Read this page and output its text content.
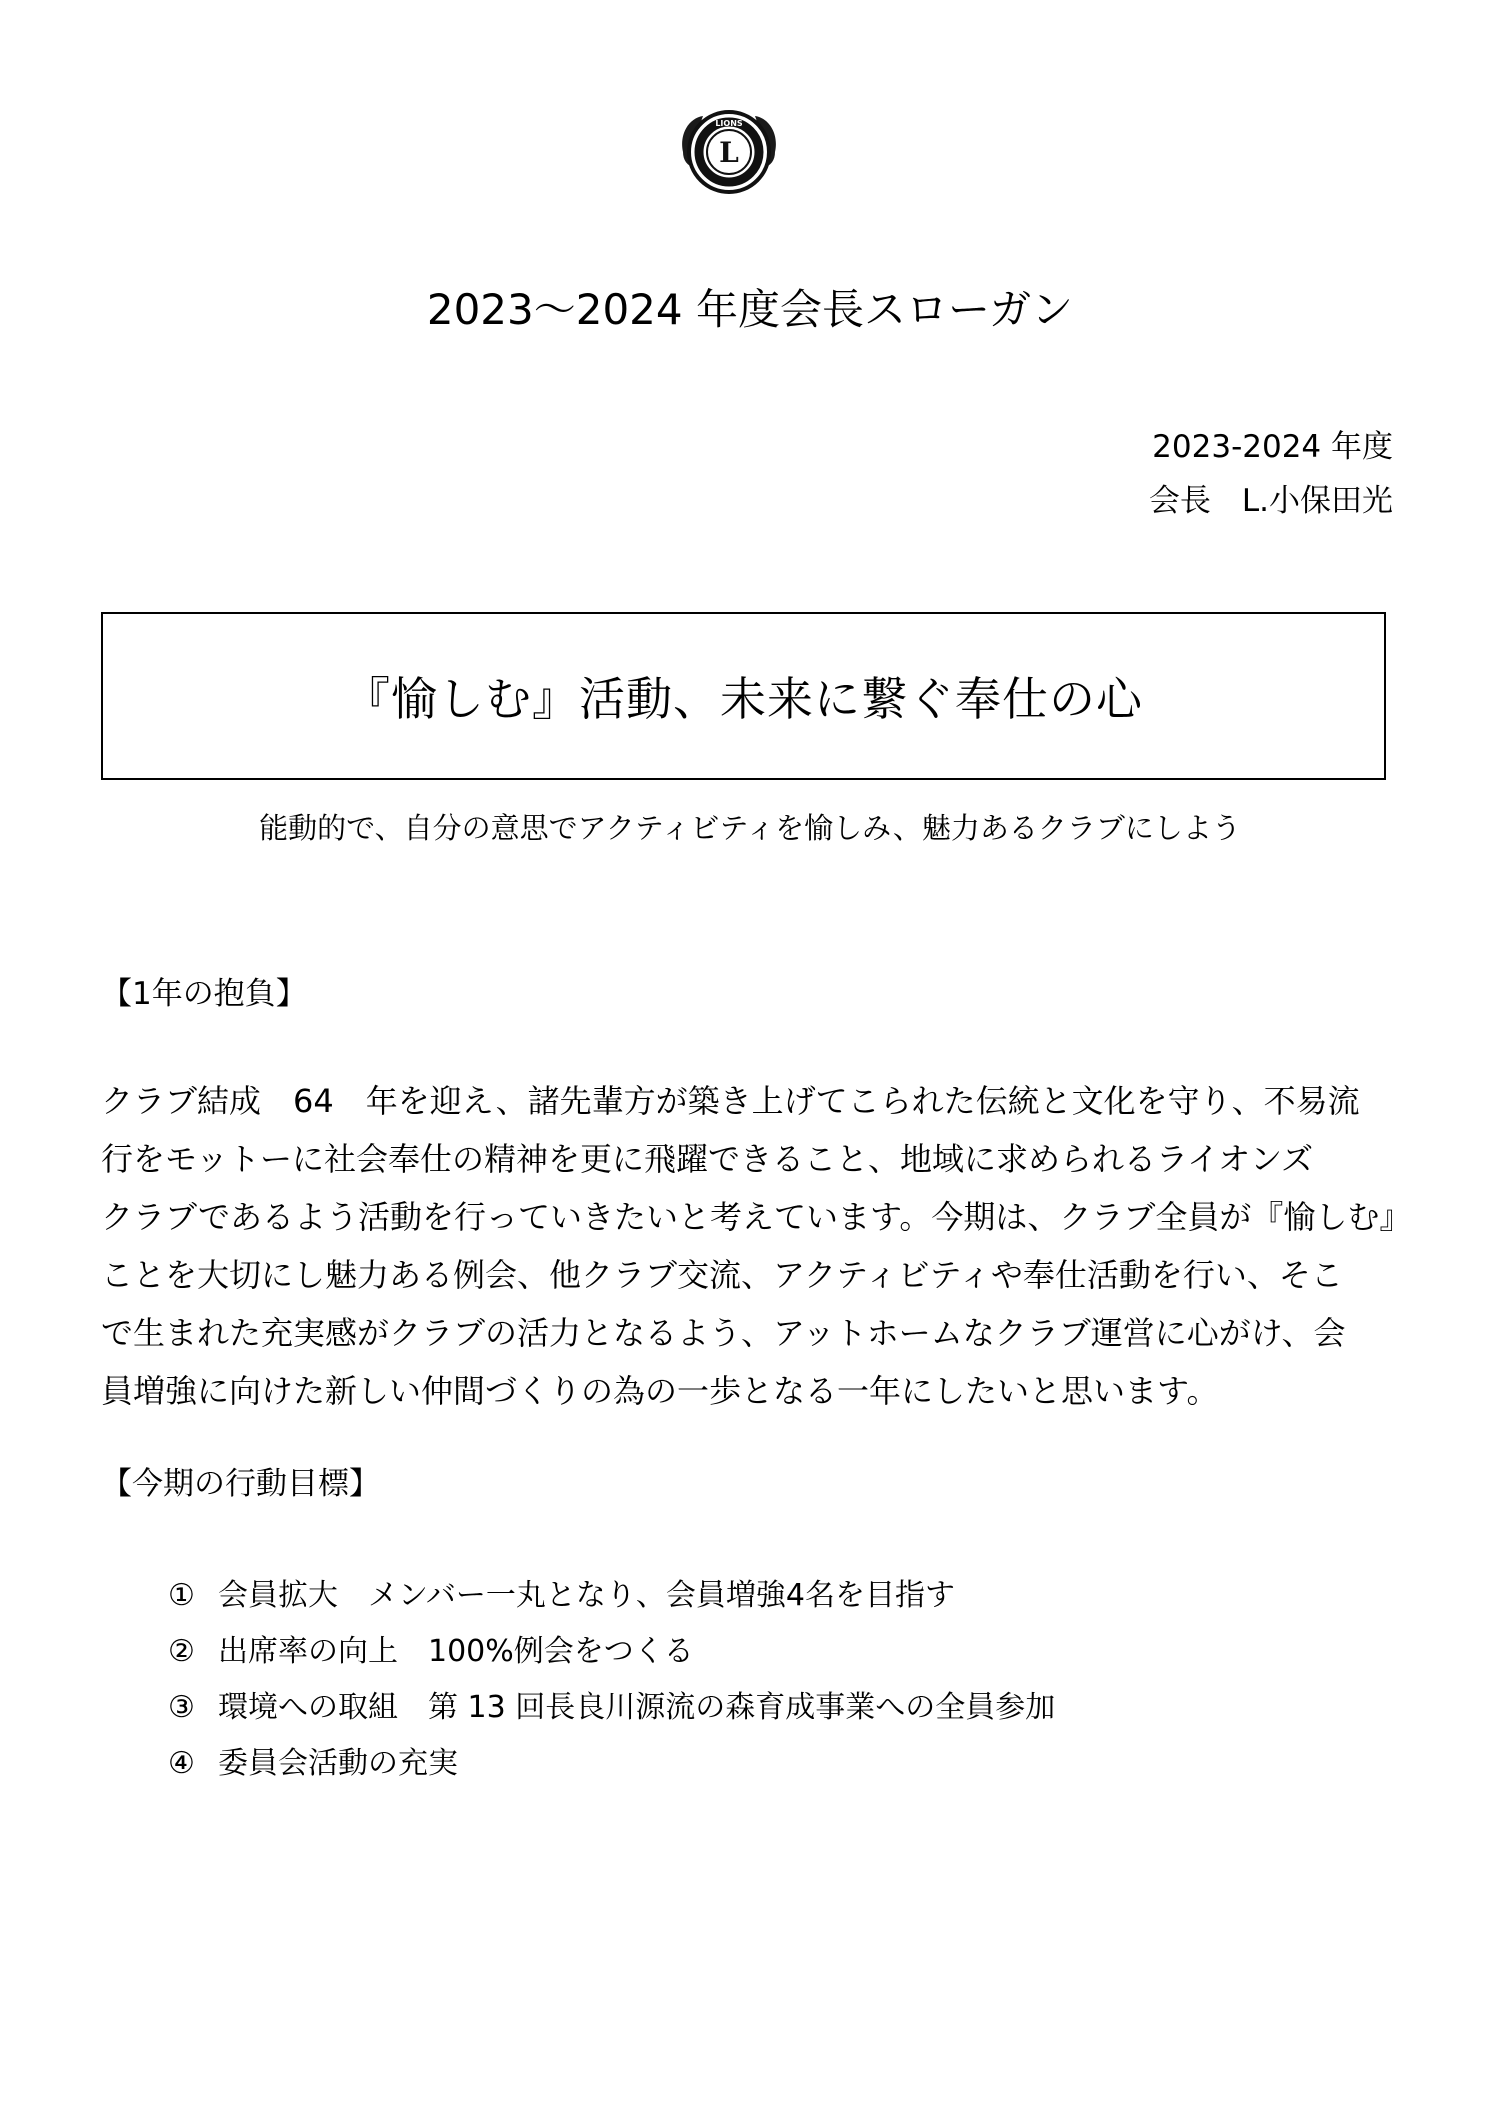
L
LIONS
2023〜2024 年度会長スローガン
2023-2024 年度
会長　L.小保田光
『愉しむ』活動、未来に繋ぐ奉仕の心
能動的で、自分の意思でアクティビティを愉しみ、魅力あるクラブにしよう
【1年の抱負】
クラブ結成　64　年を迎え、諸先輩方が築き上げてこられた伝統と文化を守り、不易流
行をモットーに社会奉仕の精神を更に飛躍できること、地域に求められるライオンズ
クラブであるよう活動を行っていきたいと考えています。今期は、クラブ全員が『愉しむ』
ことを大切にし魅力ある例会、他クラブ交流、アクティビティや奉仕活動を行い、そこ
で生まれた充実感がクラブの活力となるよう、アットホームなクラブ運営に心がけ、会
員増強に向けた新しい仲間づくりの為の一歩となる一年にしたいと思います。
【今期の行動目標】
① 会員拡大　メンバー一丸となり、会員増強4名を目指す
② 出席率の向上　100%例会をつくる
③ 環境への取組　第 13 回長良川源流の森育成事業への全員参加
④ 委員会活動の充実
